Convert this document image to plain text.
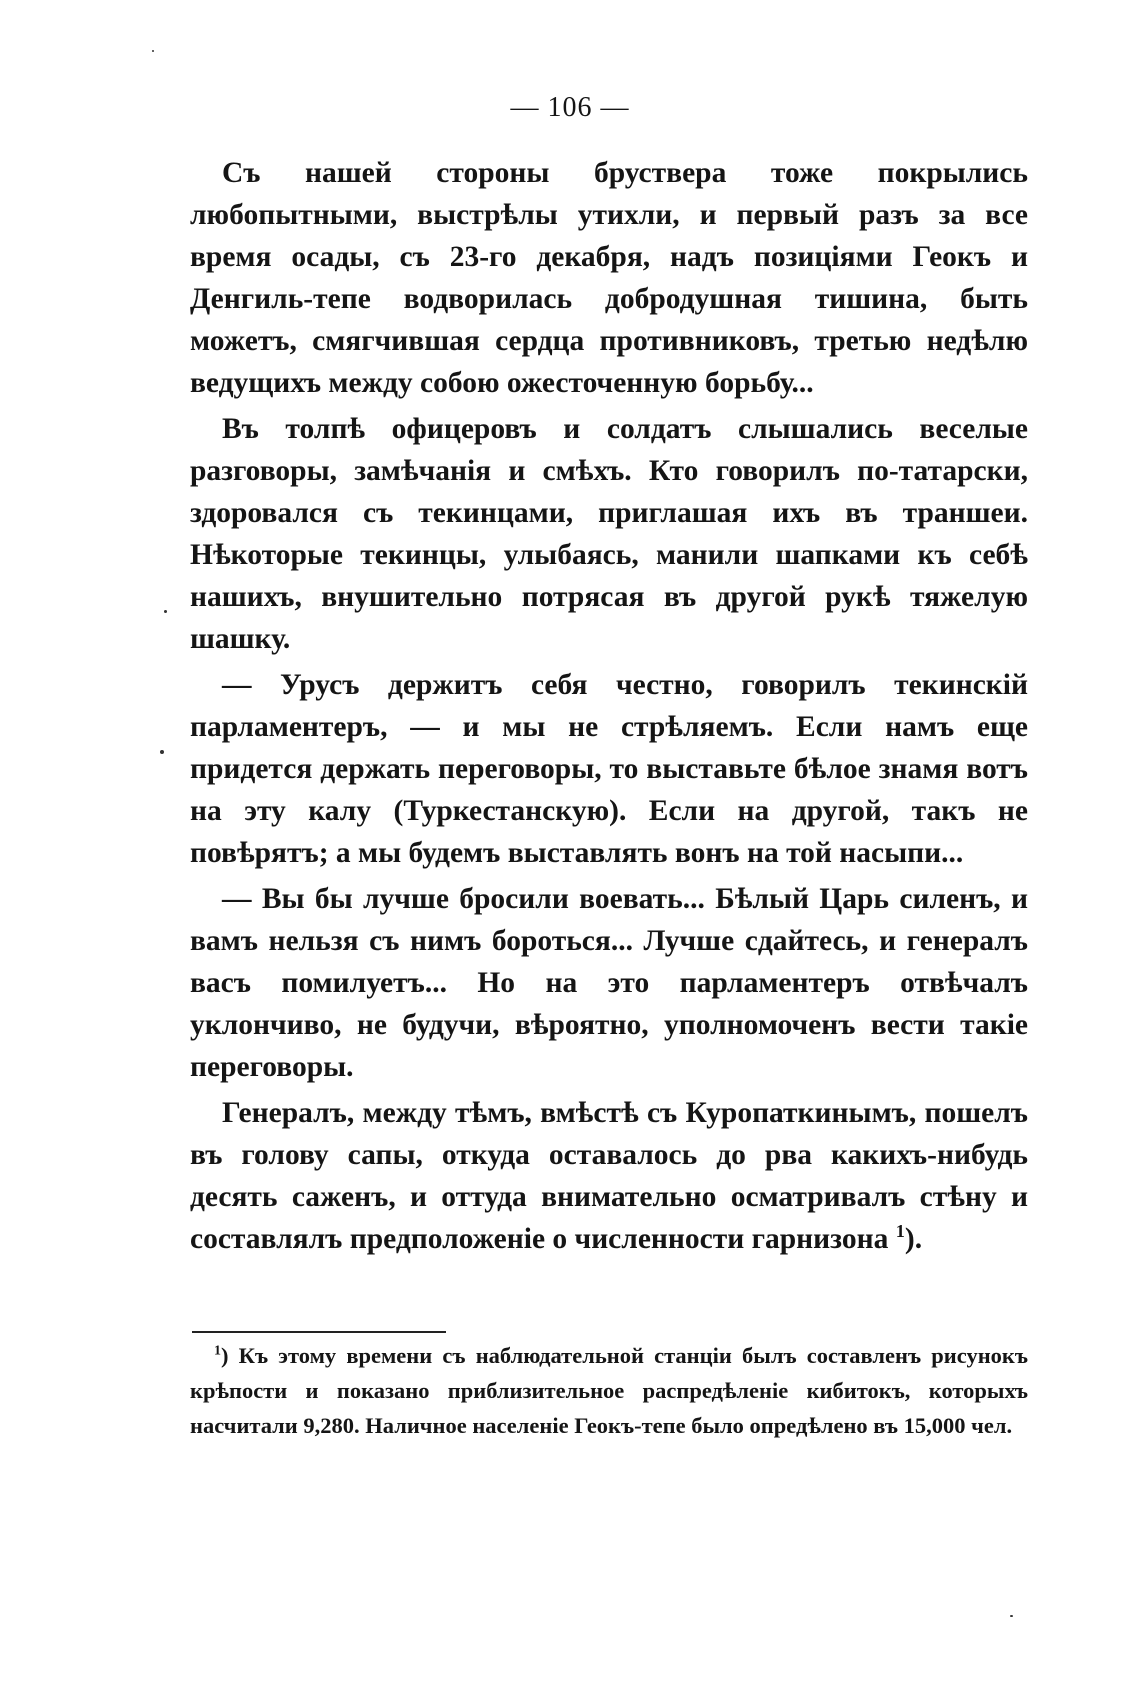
— 106 —

Съ нашей стороны бруствера тоже покрылись любопытными, выстрѣлы утихли, и первый разъ за все время осады, съ 23-го декабря, надъ позиціями Геокъ и Денгиль-тепе водворилась добродушная тишина, быть можетъ, смягчившая сердца противниковъ, третью недѣлю ведущихъ между собою ожесточенную борьбу...

Въ толпѣ офицеровъ и солдатъ слышались веселые разговоры, замѣчанія и смѣхъ. Кто говорилъ по-татарски, здоровался съ текинцами, приглашая ихъ въ траншеи. Нѣкоторые текинцы, улыбаясь, манили шапками къ себѣ нашихъ, внушительно потрясая въ другой рукѣ тяжелую шашку.

— Урусъ держитъ себя честно, говорилъ текинскій парламентеръ, — и мы не стрѣляемъ. Если намъ еще придется держать переговоры, то выставьте бѣлое знамя вотъ на эту калу (Туркестанскую). Если на другой, такъ не повѣрятъ; а мы будемъ выставлять вонъ на той насыпи...

— Вы бы лучше бросили воевать... Бѣлый Царь силенъ, и вамъ нельзя съ нимъ бороться... Лучше сдайтесь, и генералъ васъ помилуетъ... Но на это парламентеръ отвѣчалъ уклончиво, не будучи, вѣроятно, уполномоченъ вести такіе переговоры.

Генералъ, между тѣмъ, вмѣстѣ съ Куропаткинымъ, пошелъ въ голову сапы, откуда оставалось до рва какихъ-нибудь десять саженъ, и оттуда внимательно осматривалъ стѣну и составлялъ предположеніе о численности гарнизона $^1$).

$^1$) Къ этому времени съ наблюдательной станціи былъ составленъ рисунокъ крѣпости и показано приблизительное распредѣленіе кибитокъ, которыхъ насчитали 9,280. Наличное населеніе Геокъ-тепе было опредѣлено въ 15,000 чел.
